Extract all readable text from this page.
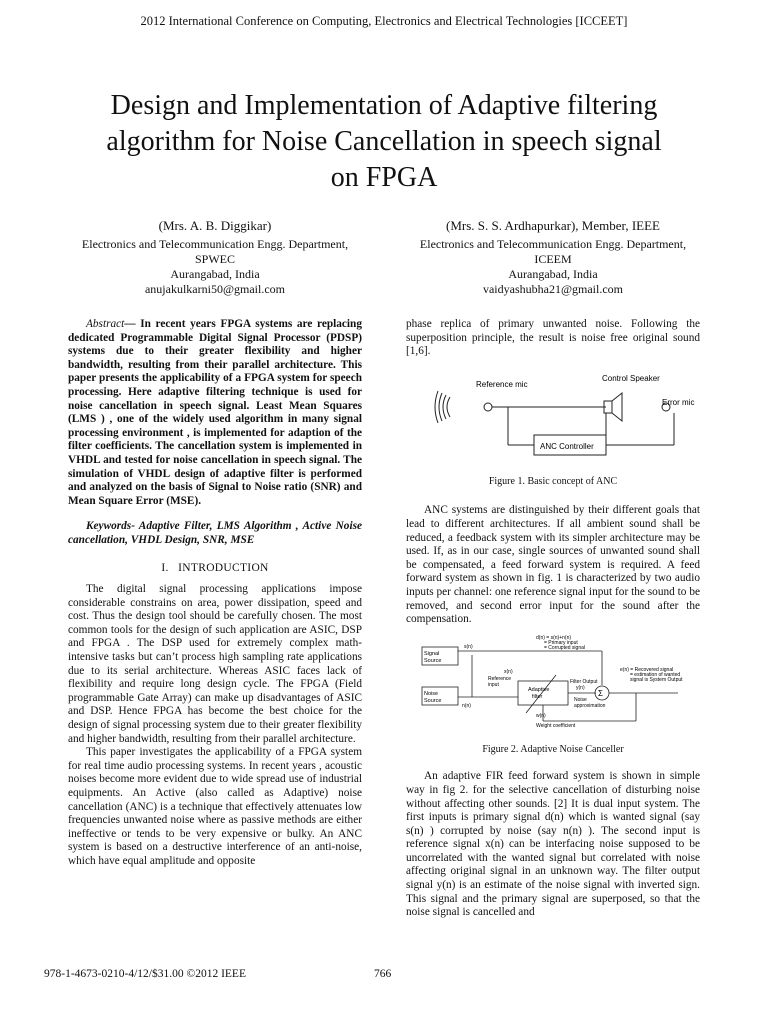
2012 International Conference on Computing, Electronics and Electrical Technologies [ICCEET]
Design and Implementation of Adaptive filtering
algorithm for Noise Cancellation in speech signal
on FPGA
(Mrs. A. B. Diggikar)
Electronics and Telecommunication Engg. Department,
SPWEC
Aurangabad, India
anujakulkarni50@gmail.com
(Mrs. S. S. Ardhapurkar), Member, IEEE
Electronics and Telecommunication Engg. Department,
ICEEM
Aurangabad, India
vaidyashubha21@gmail.com

Abstract— In recent years FPGA systems are replacing dedicated Programmable Digital Signal Processor (PDSP) systems due to their greater flexibility and higher bandwidth, resulting from their parallel architecture. This paper presents the applicability of a FPGA system for speech processing. Here adaptive filtering technique is used for noise cancellation in speech signal. Least Mean Squares (LMS ) , one of the widely used algorithm in many signal processing environment , is implemented for adaption of the filter coefficients. The cancellation system is implemented in VHDL and tested for noise cancellation in speech signal. The simulation of VHDL design of adaptive filter is performed and analyzed on the basis of Signal to Noise ratio (SNR) and Mean Square Error (MSE).

Keywords- Adaptive Filter, LMS Algorithm , Active Noise cancellation, VHDL Design, SNR, MSE

I. INTRODUCTION

The digital signal processing applications impose considerable constrains on area, power dissipation, speed and cost. Thus the design tool should be carefully chosen. The most common tools for the design of such application are ASIC, DSP and FPGA . The DSP used for extremely complex math-intensive tasks but can’t process high sampling rate applications due to its serial architecture. Whereas ASIC faces lack of flexibility and require long design cycle. The FPGA (Field programmable Gate Array) can make up disadvantages of ASIC and DSP. Hence FPGA has become the best choice for the design of signal processing system due to their greater flexibility and higher bandwidth, resulting from their parallel architecture.

This paper investigates the applicability of a FPGA system for real time audio processing systems. In recent years , acoustic noises become more evident due to wide spread use of industrial equipments. An Active (also called as Adaptive) noise cancellation (ANC) is a technique that effectively attenuates low frequencies unwanted noise where as passive methods are either ineffective or tends to be very expensive or bulky. An ANC system is based on a destructive interference of an anti-noise, which have equal amplitude and opposite

phase replica of primary unwanted noise. Following the superposition principle, the result is noise free original sound [1,6].

Reference mic
Control Speaker
Error mic
ANC Controller
Figure 1. Basic concept of ANC

ANC systems are distinguished by their different goals that lead to different architectures. If all ambient sound shall be reduced, a feedback system with its simpler architecture may be used. If, as in our case, single sources of unwanted sound shall be compensated, a feed forward system is required. A feed forward system as shown in fig. 1 is characterized by two audio inputs per channel: one reference signal input for the sound to be removed, and second error input for the sound after the compensation.

Signal
Source
Noise
Source
s(n)
n(n)
x(n)
Reference
input
d(n) = s(n)+n(n)
= Primary input
= Corrupted signal
Adaptive
filter
Filter Output
y(n)
Noise
approximation
Σ
w(n)
Weight coefficient
e(n) = Recovered signal
= estimation of wanted
signal is System Output
Figure 2. Adaptive Noise Canceller

An adaptive FIR feed forward system is shown in simple way in fig 2. for the selective cancellation of disturbing noise without affecting other sounds. [2] It is dual input system. The first inputs is primary signal d(n) which is wanted signal (say s(n) ) corrupted by noise (say n(n) ). The second input is reference signal x(n) can be interfacing noise supposed to be uncorrelated with the wanted signal but correlated with noise affecting original signal in an unknown way. The filter output signal y(n) is an estimate of the noise signal with inverted sign. This signal and the primary signal are superposed, so that the noise signal is cancelled and

978-1-4673-0210-4/12/$31.00 ©2012 IEEE	766
